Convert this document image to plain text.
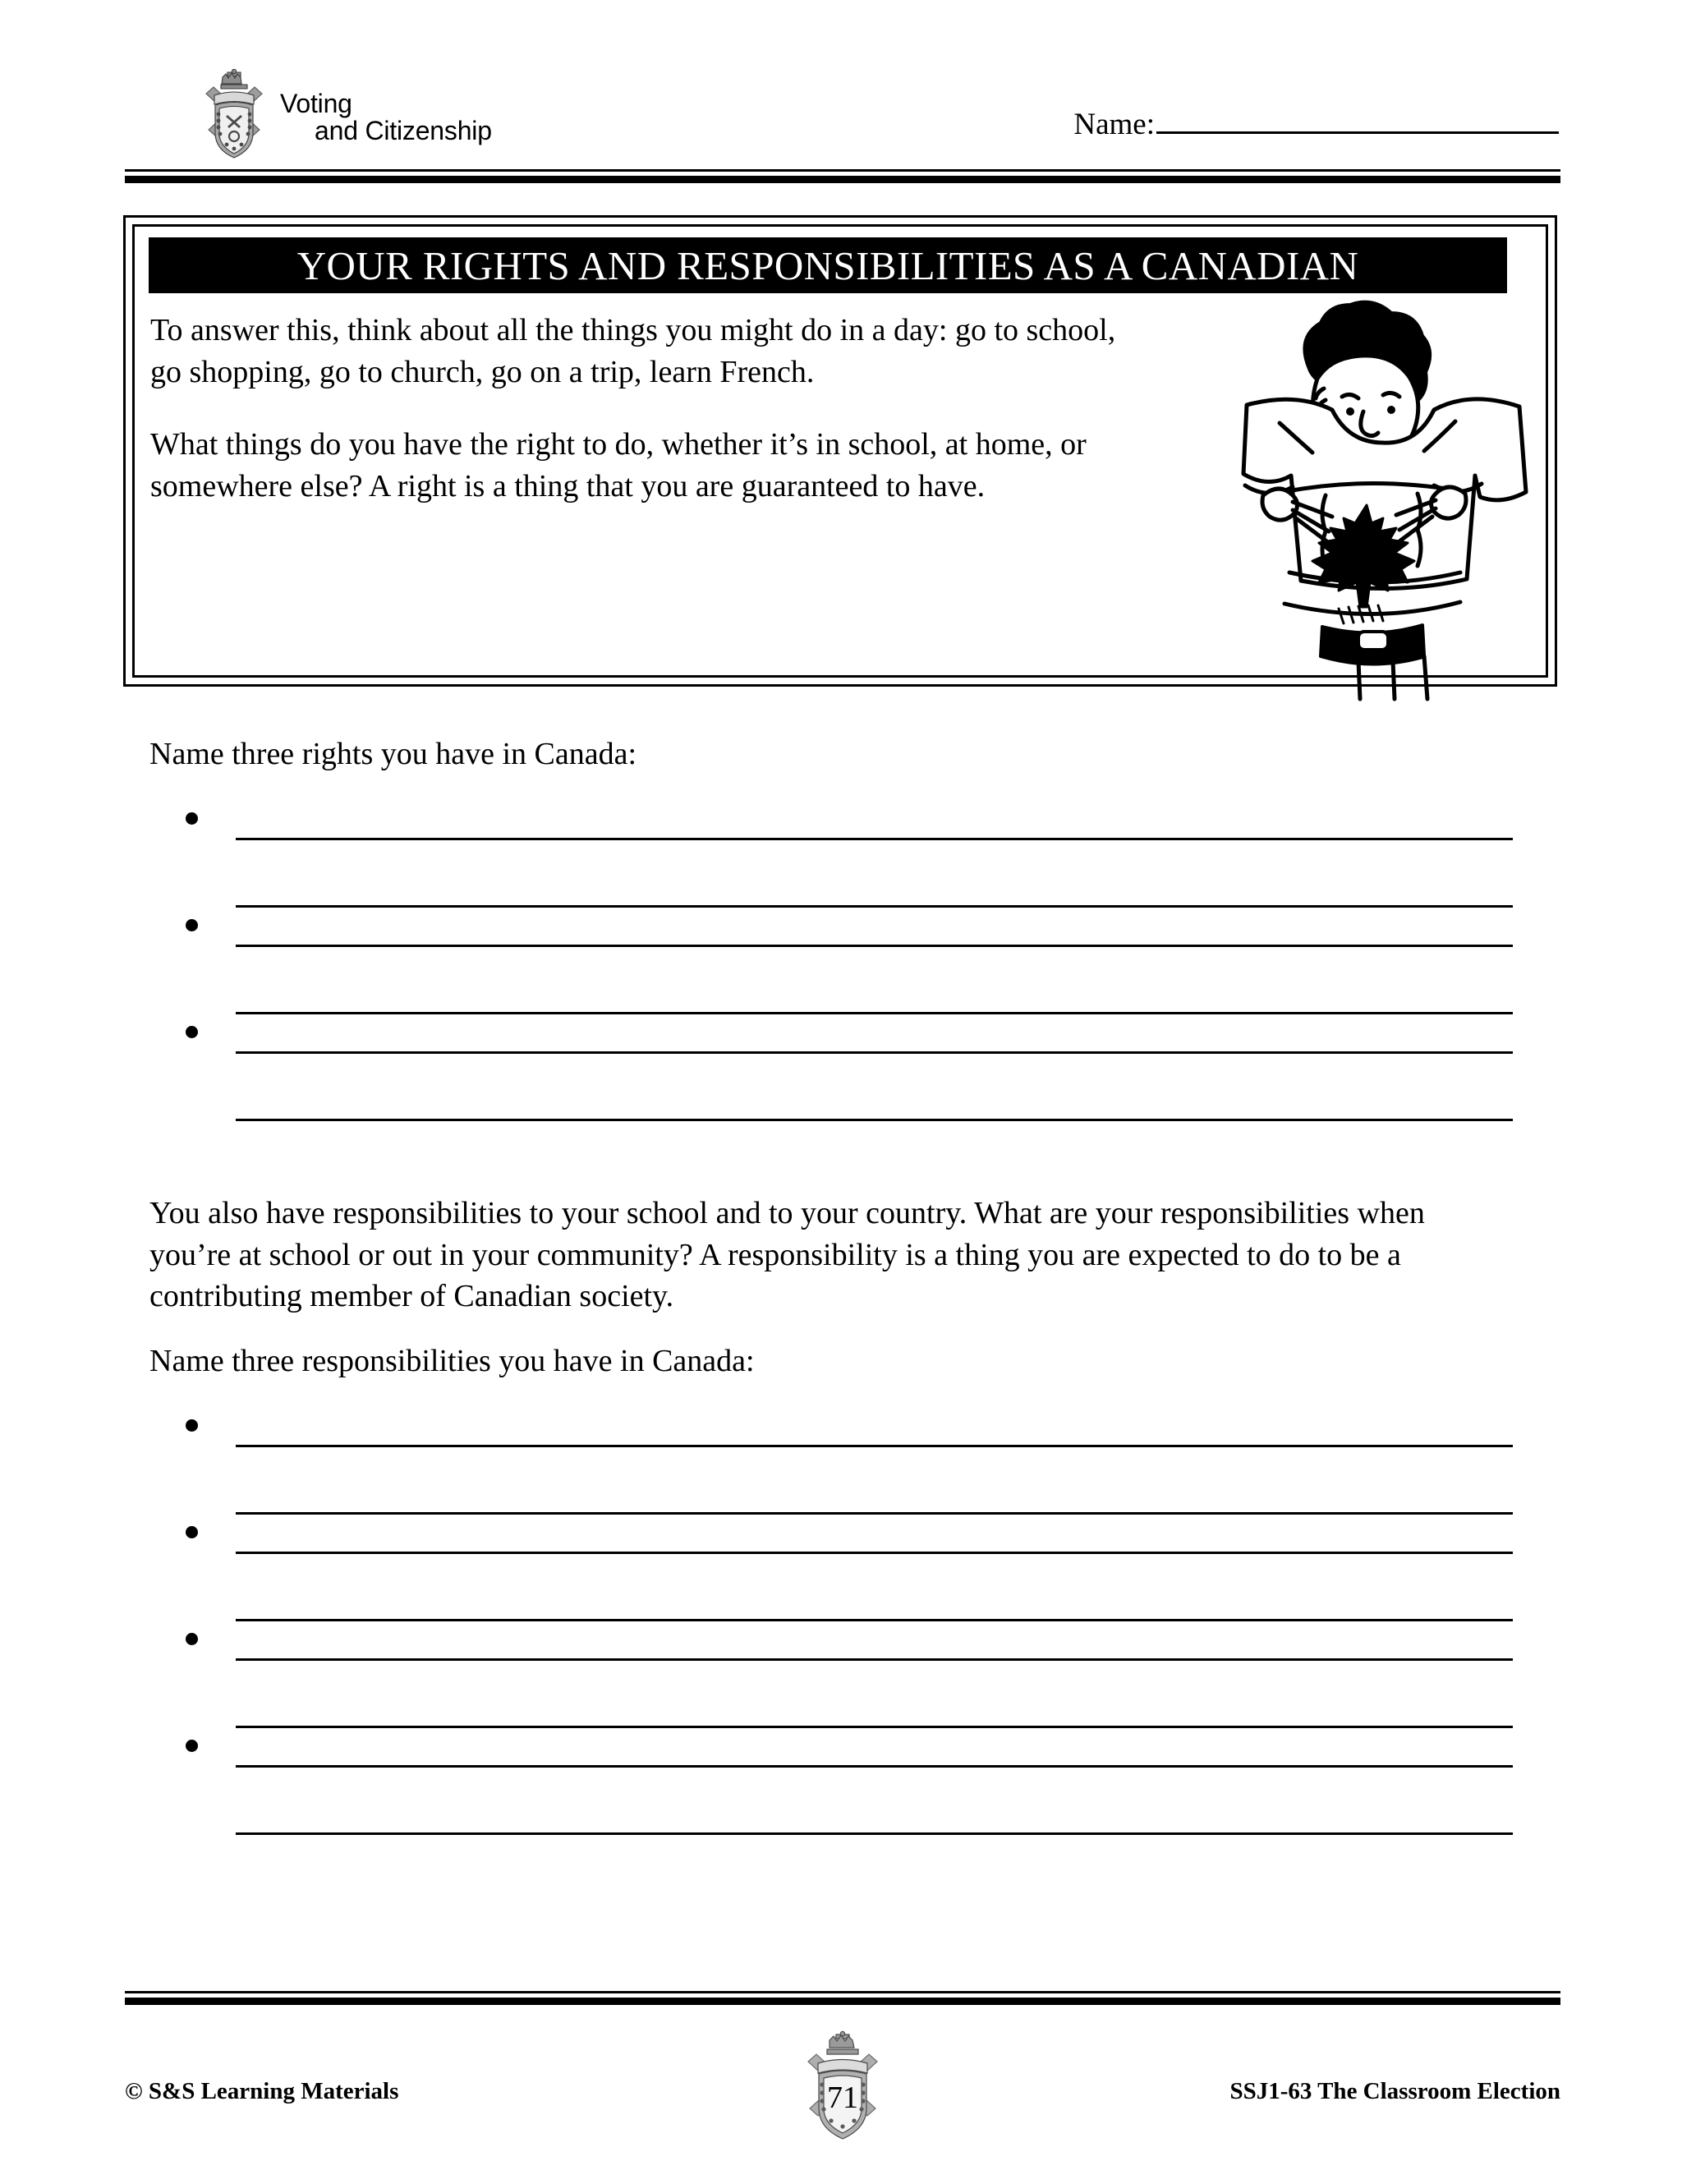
Voting
and Citizenship	Name:
YOUR RIGHTS AND RESPONSIBILITIES AS A CANADIAN

To answer this, think about all the things you might do in a day: go to school, go shopping, go to church, go on a trip, learn French.

What things do you have the right to do, whether it’s in school, at home, or somewhere else? A right is a thing that you are guaranteed to have.

Name three rights you have in Canada:
You also have responsibilities to your school and to your country. What are your responsibilities when you’re at school or out in your community? A responsibility is a thing you are expected to do to be a contributing member of Canadian society.
Name three responsibilities you have in Canada:
© S&S Learning Materials	71	SSJ1-63 The Classroom Election
